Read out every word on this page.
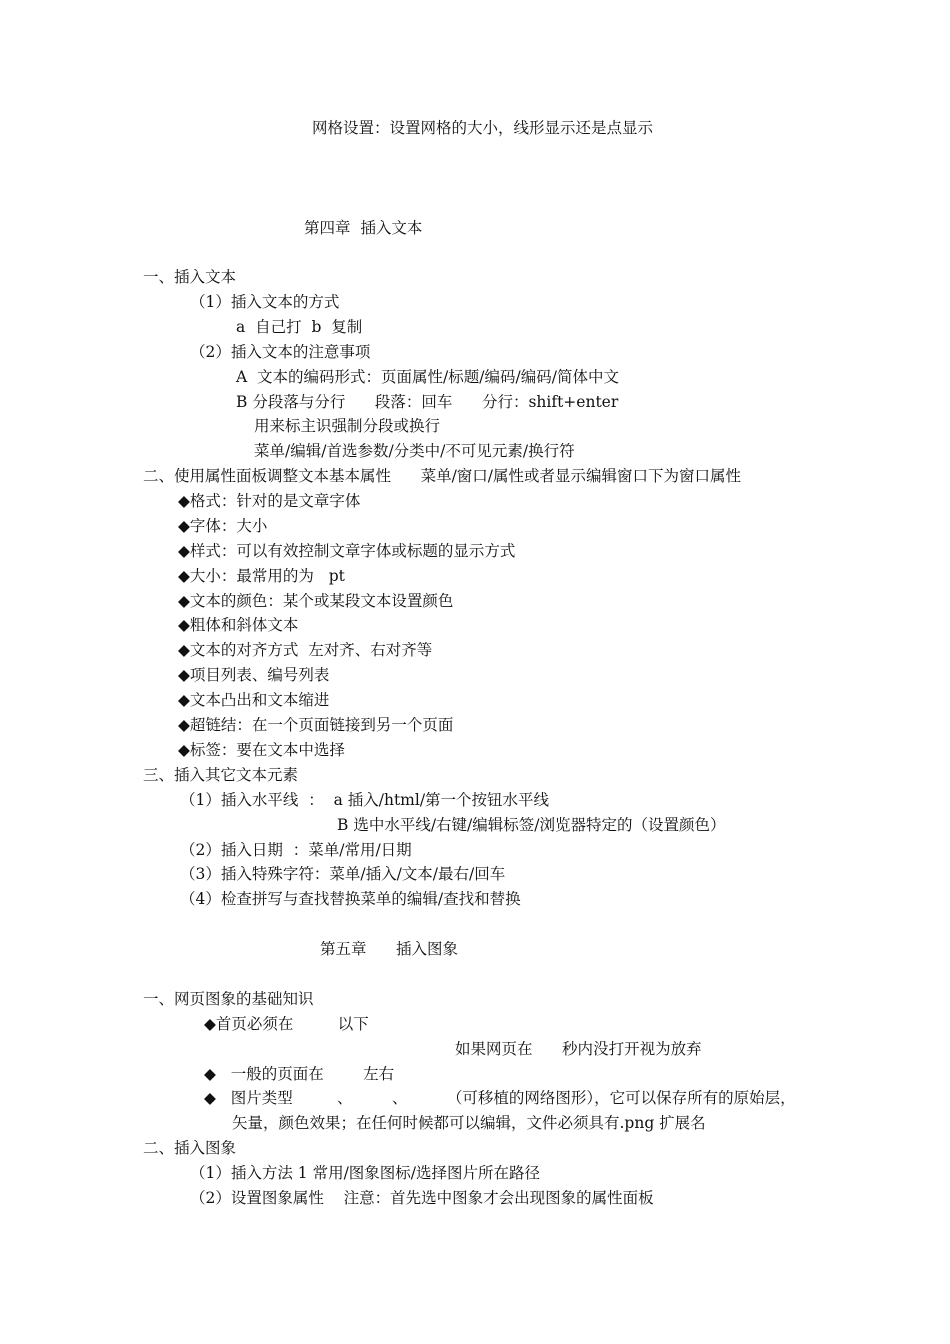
网格设置：设置网格的大小，线形显示还是点显示
第四章  插入文本
一、插入文本
（1）插入文本的方式
a  自己打  b  复制
（2）插入文本的注意事项
A  文本的编码形式：页面属性/标题/编码/编码/简体中文
B 分段落与分行      段落：回车      分行：shift+enter
用来标主识强制分段或换行
菜单/编辑/首选参数/分类中/不可见元素/换行符
二、使用属性面板调整文本基本属性      菜单/窗口/属性或者显示编辑窗口下为窗口属性
◆格式：针对的是文章字体
◆字体：大小
◆样式：可以有效控制文章字体或标题的显示方式
◆大小：最常用的为   pt
◆文本的颜色：某个或某段文本设置颜色
◆粗体和斜体文本
◆文本的对齐方式  左对齐、右对齐等
◆项目列表、编号列表
◆文本凸出和文本缩进
◆超链结：在一个页面链接到另一个页面
◆标签：要在文本中选择
三、插入其它文本元素
（1）插入水平线  ：  a 插入/html/第一个按钮水平线
B 选中水平线/右键/编辑标签/浏览器特定的（设置颜色）
（2）插入日期  ：菜单/常用/日期
（3）插入特殊字符：菜单/插入/文本/最右/回车
（4）检查拼写与查找替换菜单的编辑/查找和替换
第五章      插入图象
一、网页图象的基础知识
◆首页必须在         以下
如果网页在      秒内没打开视为放弃
◆   一般的页面在        左右
◆   图片类型         、        、        （可移植的网络图形），它可以保存所有的原始层，
矢量，颜色效果；在任何时候都可以编辑，文件必须具有.png 扩展名
二、插入图象
（1）插入方法 1 常用/图象图标/选择图片所在路径
（2）设置图象属性    注意：首先选中图象才会出现图象的属性面板
